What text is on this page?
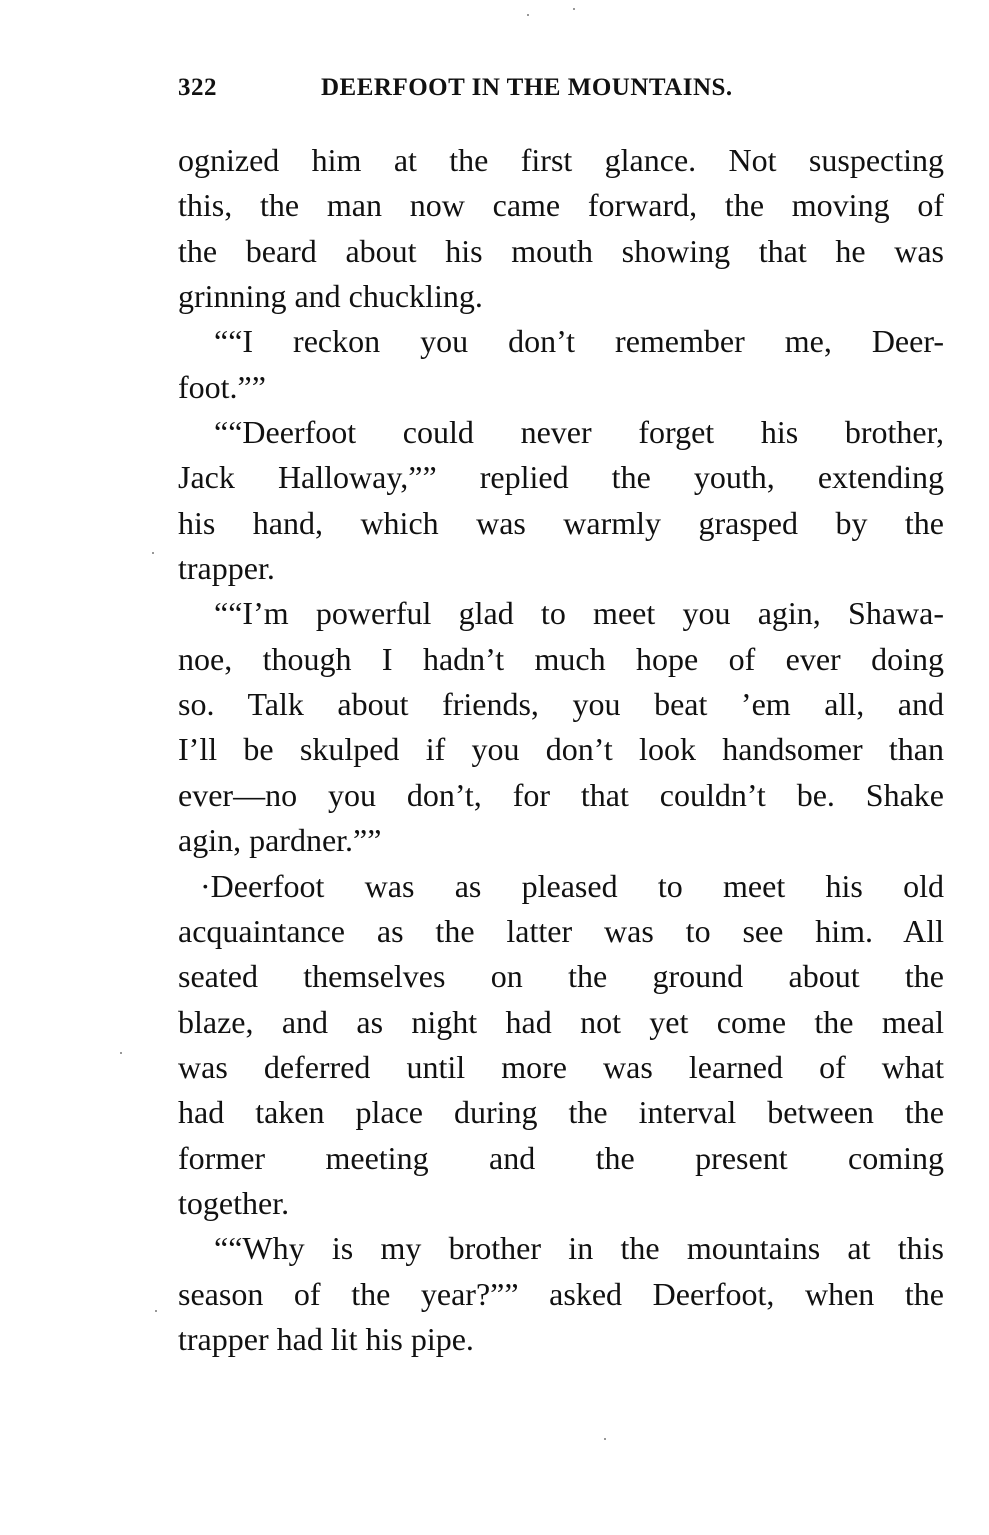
322	DEERFOOT IN THE MOUNTAINS.
ognized him at the first glance. Not suspecting
this, the man now came forward, the moving of
the beard about his mouth showing that he was
grinning and chuckling.
““I reckon you don’t remember me, Deer-
foot.””
““Deerfoot could never forget his brother,
Jack Halloway,”” replied the youth, extending
his hand, which was warmly grasped by the
trapper.
““I’m powerful glad to meet you agin, Shawa-
noe, though I hadn’t much hope of ever doing
so. Talk about friends, you beat ’em all, and
I’ll be skulped if you don’t look handsomer than
ever—no you don’t, for that couldn’t be. Shake
agin, pardner.””
·Deerfoot was as pleased to meet his old
acquaintance as the latter was to see him. All
seated themselves on the ground about the
blaze, and as night had not yet come the meal
was deferred until more was learned of what
had taken place during the interval between the
former meeting and the present coming
together.
““Why is my brother in the mountains at this
season of the year?”” asked Deerfoot, when the
trapper had lit his pipe.
